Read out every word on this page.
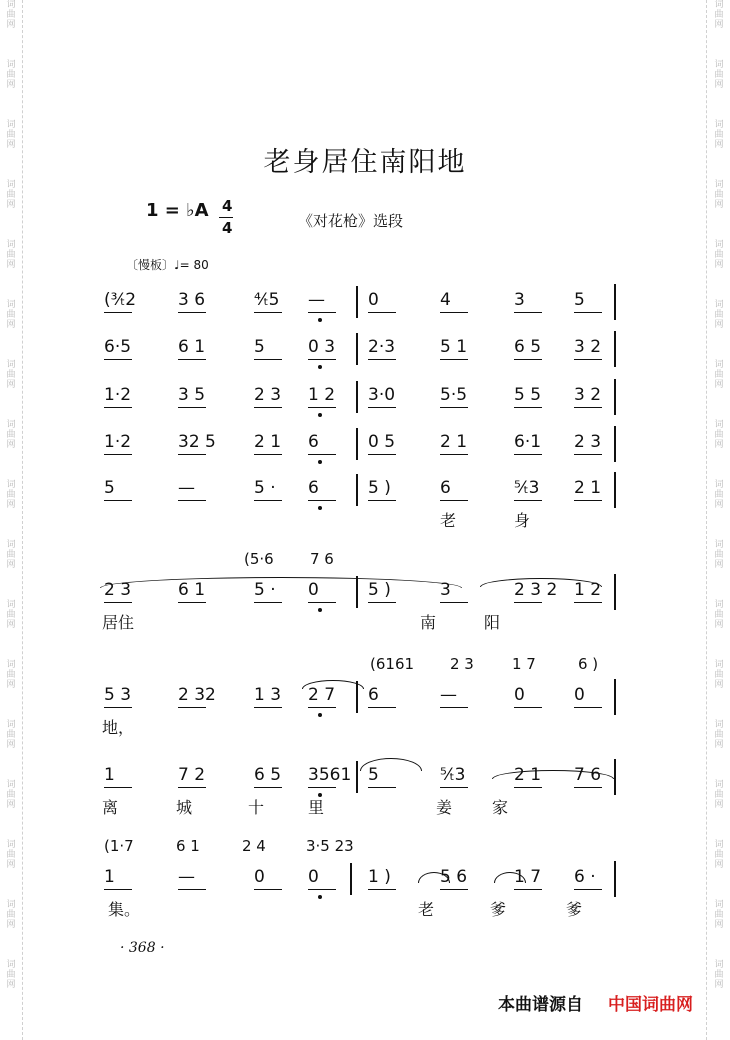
词曲网
词曲网
词曲网
词曲网
词曲网
词曲网
词曲网
词曲网
词曲网
词曲网
词曲网
词曲网
词曲网
词曲网
词曲网
词曲网
词曲网
词曲网
词曲网
词曲网
词曲网
词曲网
词曲网
词曲网
词曲网
词曲网
词曲网
词曲网
词曲网
词曲网
词曲网
词曲网
词曲网
词曲网
老身居住南阳地
1 = ♭A 4
4	《对花枪》选段
〔慢板〕♩= 80
(³⁄ₜ2 3 6	⁴⁄ₜ5 —	0	4	3	5
6·5	6 1	5	0 3 2·3	5 1	6 5 3 2
1·2	3 5	2 3 1 2 3·0	5·5	5 5 3 2
1·2	32 5 2 1 6	0 5	2 1	6·1 2 3
5	—	5 · 6	5 )	6	⁵⁄ₜ3 2 1
老	身
2 3	6 1	5 · 0	5 )	3	2 3 2 1 2
(5·6 7 6
居住	南	阳
5 3	2 32 1 3 2 7 6	—	0	0
(6161 2 3	1 7	6 )
地，
1	7 2	6 5 3561 5	⁵⁄ₜ3	2 1 7 6
离	城	十	里	姜 家
1	—	0	0	1 )	5 6	1 7 6 ·
(1·7	6 1	2 4	3·5 23
集。	老	爹	爹
· 368 ·
本曲谱源自 中国词曲网
